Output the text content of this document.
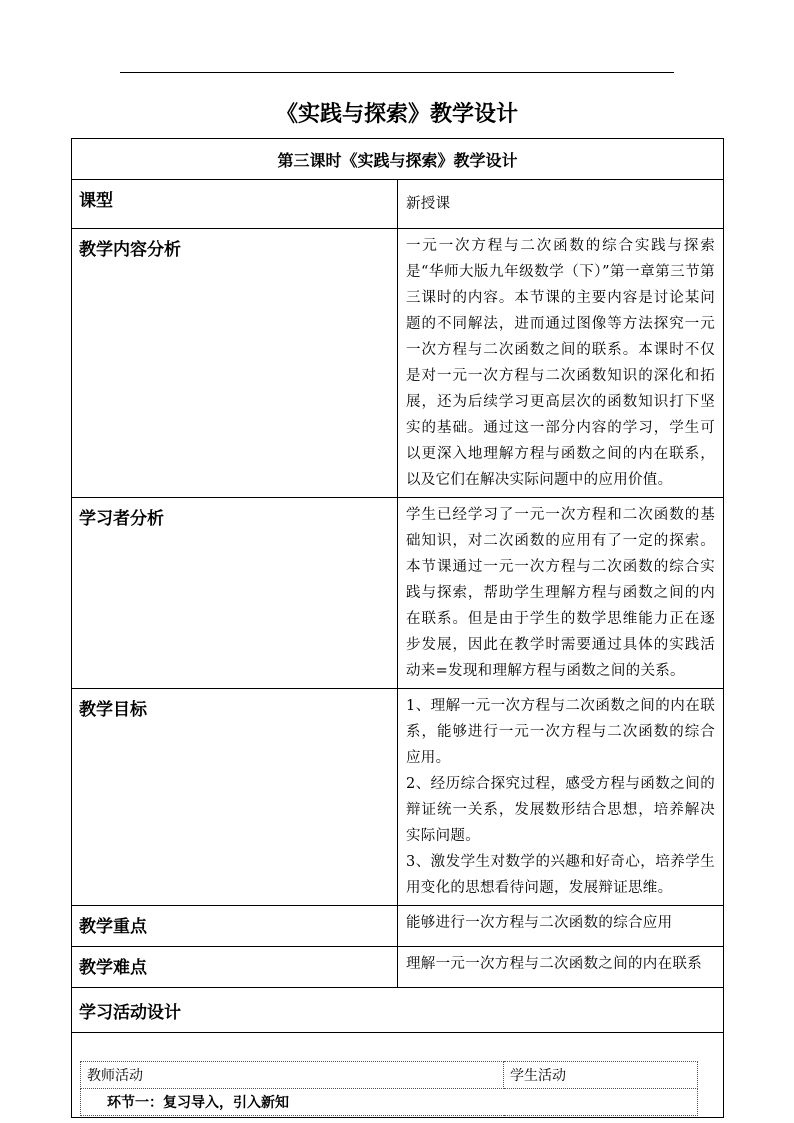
《实践与探索》教学设计
第三课时《实践与探索》教学设计
课型	新授课
教学内容分析	一元一次方程与二次函数的综合实践与探索是“华师大版九年级数学（下）”第一章第三节第三课时的内容。本节课的主要内容是讨论某问题的不同解法，进而通过图像等方法探究一元一次方程与二次函数之间的联系。本课时不仅是对一元一次方程与二次函数知识的深化和拓展，还为后续学习更高层次的函数知识打下坚实的基础。通过这一部分内容的学习，学生可以更深入地理解方程与函数之间的内在联系，以及它们在解决实际问题中的应用价值。
学习者分析	学生已经学习了一元一次方程和二次函数的基础知识，对二次函数的应用有了一定的探索。本节课通过一元一次方程与二次函数的综合实践与探索，帮助学生理解方程与函数之间的内在联系。但是由于学生的数学思维能力正在逐步发展，因此在教学时需要通过具体的实践活动来=发现和理解方程与函数之间的关系。
教学目标	1、理解一元一次方程与二次函数之间的内在联系，能够进行一元一次方程与二次函数的综合应用。

2、经历综合探究过程，感受方程与函数之间的辩证统一关系，发展数形结合思想，培养解决实际问题。

3、激发学生对数学的兴趣和好奇心，培养学生用变化的思想看待问题，发展辩证思维。

教学重点	能够进行一次方程与二次函数的综合应用
教学难点	理解一元一次方程与二次函数之间的内在联系
学习活动设计

教师活动	学生活动
环节一：复习导入，引入新知
